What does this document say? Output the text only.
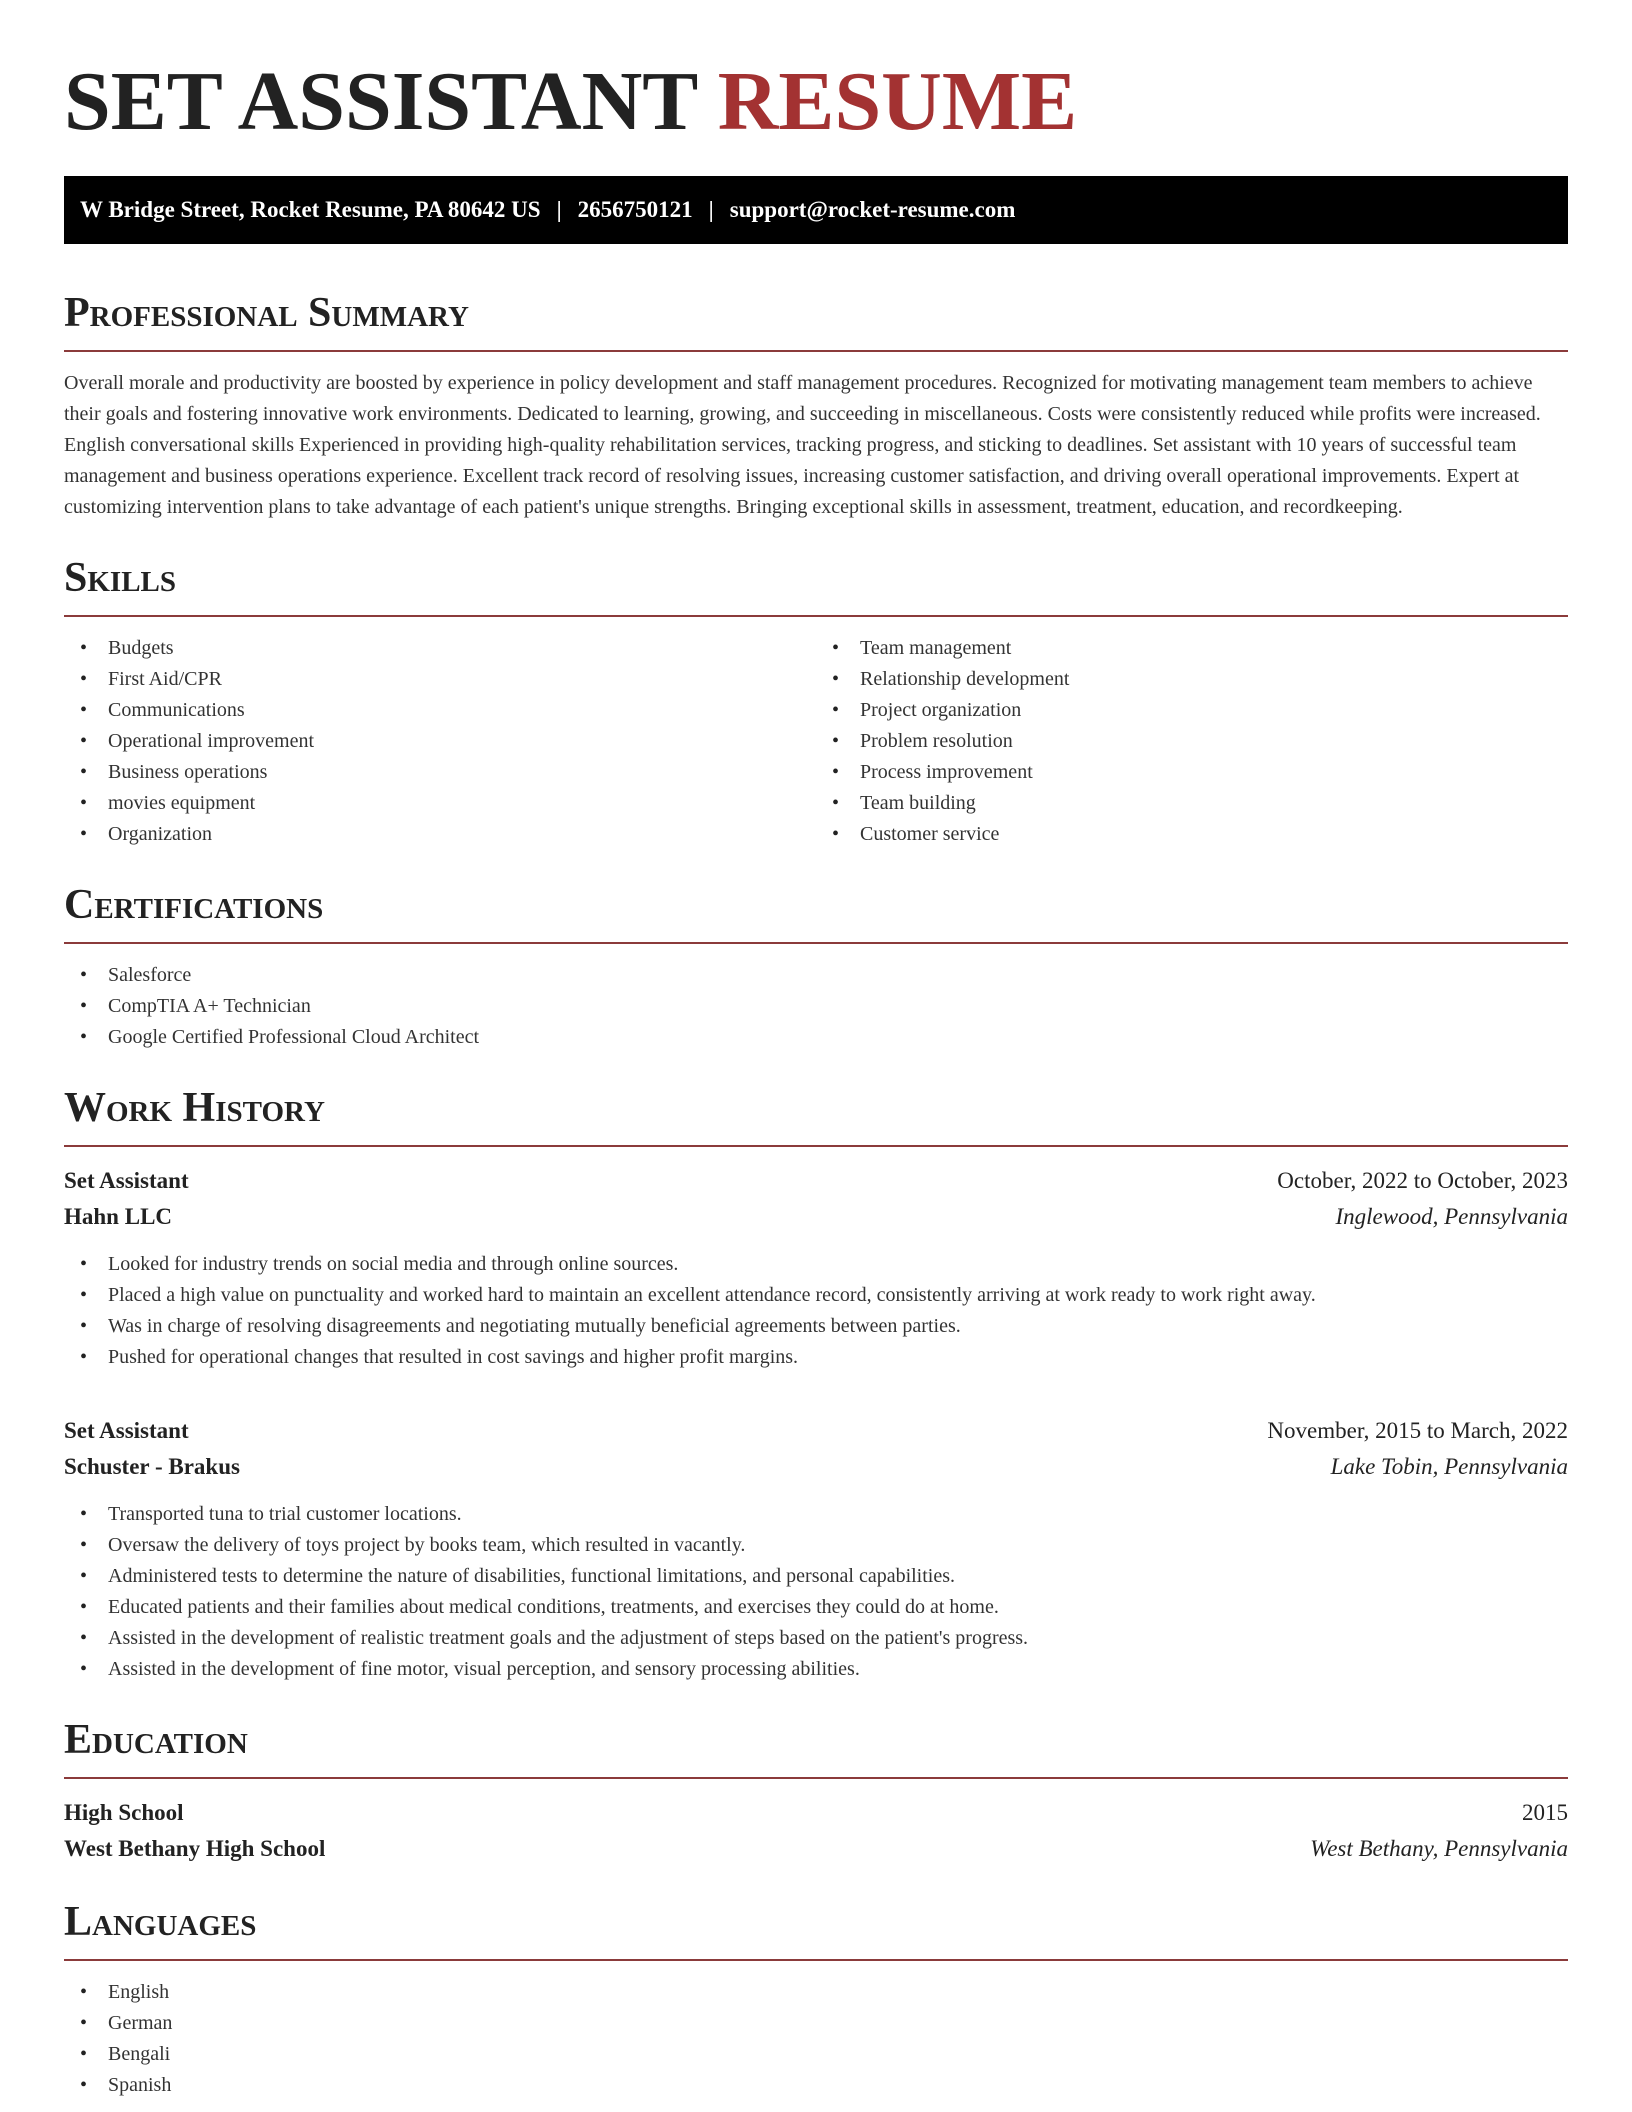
SET ASSISTANT RESUME
W Bridge Street, Rocket Resume, PA 80642 US | 2656750121 | support@rocket-resume.com
Professional Summary

Overall morale and productivity are boosted by experience in policy development and staff management procedures. Recognized for motivating management team members to achieve their goals and fostering innovative work environments. Dedicated to learning, growing, and succeeding in miscellaneous. Costs were consistently reduced while profits were increased. English conversational skills Experienced in providing high-quality rehabilitation services, tracking progress, and sticking to deadlines. Set assistant with 10 years of successful team management and business operations experience. Excellent track record of resolving issues, increasing customer satisfaction, and driving overall operational improvements. Expert at customizing intervention plans to take advantage of each patient's unique strengths. Bringing exceptional skills in assessment, treatment, education, and recordkeeping.

Skills
• Budgets
• First Aid/CPR
• Communications
• Operational improvement
• Business operations
• movies equipment
• Organization
• Team management
• Relationship development
• Project organization
• Problem resolution
• Process improvement
• Team building
• Customer service
Certifications
• Salesforce
• CompTIA A+ Technician
• Google Certified Professional Cloud Architect
Work History
Set Assistant	October, 2022 to October, 2023
Hahn LLC	Inglewood, Pennsylvania
• Looked for industry trends on social media and through online sources.
• Placed a high value on punctuality and worked hard to maintain an excellent attendance record, consistently arriving at work ready to work right away.
• Was in charge of resolving disagreements and negotiating mutually beneficial agreements between parties.
• Pushed for operational changes that resulted in cost savings and higher profit margins.
Set Assistant	November, 2015 to March, 2022
Schuster - Brakus	Lake Tobin, Pennsylvania
• Transported tuna to trial customer locations.
• Oversaw the delivery of toys project by books team, which resulted in vacantly.
• Administered tests to determine the nature of disabilities, functional limitations, and personal capabilities.
• Educated patients and their families about medical conditions, treatments, and exercises they could do at home.
• Assisted in the development of realistic treatment goals and the adjustment of steps based on the patient's progress.
• Assisted in the development of fine motor, visual perception, and sensory processing abilities.
Education
High School	2015
West Bethany High School	West Bethany, Pennsylvania
Languages
• English
• German
• Bengali
• Spanish
